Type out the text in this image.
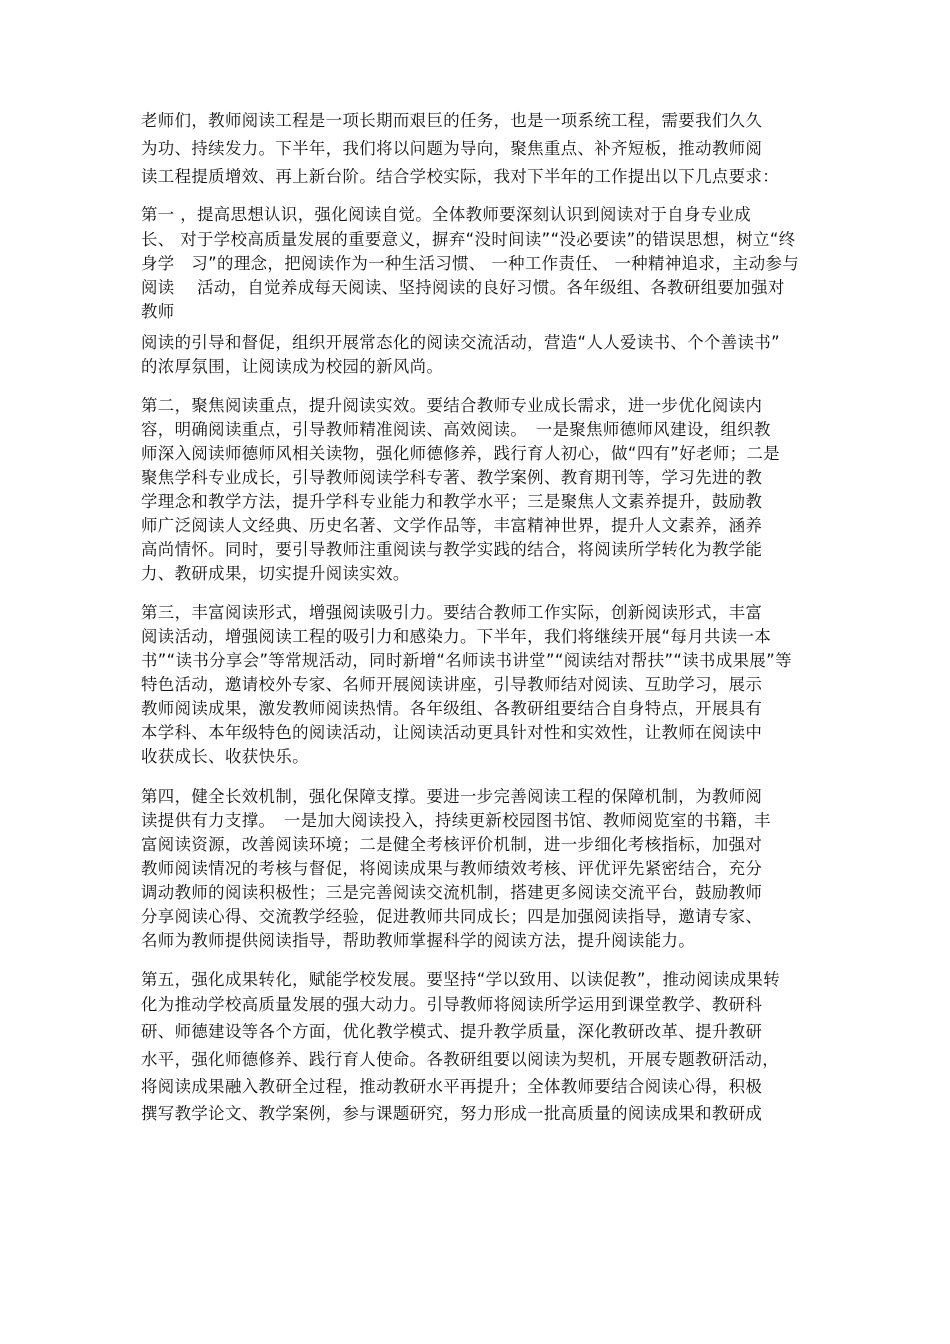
老师们，教师阅读工程是一项长期而艰巨的任务，也是一项系统工程，需要我们久久

为功、持续发力。下半年，我们将以问题为导向，聚焦重点、补齐短板，推动教师阅

读工程提质增效、再上新台阶。结合学校实际，我对下半年的工作提出以下几点要求：

第一 ，提高思想认识，强化阅读自觉。全体教师要深刻认识到阅读对于自身专业成

长、 对于学校高质量发展的重要意义，摒弃“没时间读”“没必要读”的错误思想，树立“终

身学　习”的理念，把阅读作为一种生活习惯、 一种工作责任、 一种精神追求，主动参与

阅读　 活动，自觉养成每天阅读、坚持阅读的良好习惯。各年级组、各教研组要加强对

教师

阅读的引导和督促，组织开展常态化的阅读交流活动，营造“人人爱读书、个个善读书”

的浓厚氛围，让阅读成为校园的新风尚。

第二，聚焦阅读重点，提升阅读实效。要结合教师专业成长需求，进一步优化阅读内

容，明确阅读重点，引导教师精准阅读、高效阅读。　一是聚焦师德师风建设，组织教

师深入阅读师德师风相关读物，强化师德修养，践行育人初心，做“四有”好老师；二是

聚焦学科专业成长，引导教师阅读学科专著、教学案例、教育期刊等，学习先进的教

学理念和教学方法，提升学科专业能力和教学水平；三是聚焦人文素养提升，鼓励教

师广泛阅读人文经典、历史名著、文学作品等，丰富精神世界，提升人文素养，涵养

高尚情怀。同时，要引导教师注重阅读与教学实践的结合，将阅读所学转化为教学能

力、教研成果，切实提升阅读实效。

第三，丰富阅读形式，增强阅读吸引力。要结合教师工作实际，创新阅读形式，丰富

阅读活动，增强阅读工程的吸引力和感染力。下半年，我们将继续开展“每月共读一本

书”“读书分享会”等常规活动，同时新增“名师读书讲堂”“阅读结对帮扶”“读书成果展”等

特色活动，邀请校外专家、名师开展阅读讲座，引导教师结对阅读、互助学习，展示

教师阅读成果，激发教师阅读热情。各年级组、各教研组要结合自身特点，开展具有

本学科、本年级特色的阅读活动，让阅读活动更具针对性和实效性，让教师在阅读中

收获成长、收获快乐。

第四，健全长效机制，强化保障支撑。要进一步完善阅读工程的保障机制，为教师阅

读提供有力支撑。　一是加大阅读投入，持续更新校园图书馆、教师阅览室的书籍，丰

富阅读资源，改善阅读环境；二是健全考核评价机制，进一步细化考核指标，加强对

教师阅读情况的考核与督促，将阅读成果与教师绩效考核、评优评先紧密结合，充分

调动教师的阅读积极性；三是完善阅读交流机制，搭建更多阅读交流平台，鼓励教师

分享阅读心得、交流教学经验，促进教师共同成长；四是加强阅读指导，邀请专家、

名师为教师提供阅读指导，帮助教师掌握科学的阅读方法，提升阅读能力。

第五，强化成果转化，赋能学校发展。要坚持“学以致用、以读促教”，推动阅读成果转

化为推动学校高质量发展的强大动力。引导教师将阅读所学运用到课堂教学、教研科

研、师德建设等各个方面，优化教学模式、提升教学质量，深化教研改革、提升教研

水平，强化师德修养、践行育人使命。各教研组要以阅读为契机，开展专题教研活动，

将阅读成果融入教研全过程，推动教研水平再提升；全体教师要结合阅读心得，积极

撰写教学论文、教学案例，参与课题研究，努力形成一批高质量的阅读成果和教研成
